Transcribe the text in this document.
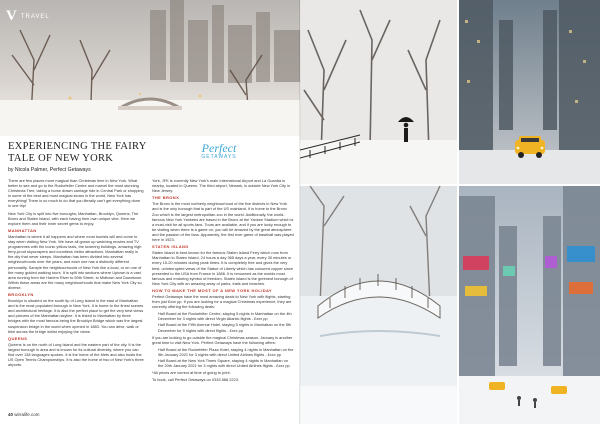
V TRAVEL
EXPERIENCING THE FAIRY
TALE OF NEW YORK
by Nicola Palmer, Perfect Getaways
Perfect
GETAWAYS

There are few places more magical than Christmas time in New York. What better to see and go to the Rockefeller Centre and marvel the most stunning Christmas Tree, taking a horse drawn carriage ride in Central Park or shopping in some of the best and most magical stores in the world, New York has everything! There is so much to do that you literally can't get everything done in one trip!

New York City is split into five boroughs; Manhattan, Brooklyn, Queens, The Bronx and Staten Island, with each having their own unique vibe. Here we explore them and their inner secret gems to enjoy.

MANHATTAN

Manhattan is where it all happens and where most tourists will and come to stay when visiting New York. We have all grown up watching movies and TV programmes with the iconic yellow taxis, the towering buildings, amazing high ferry-proof skyscrapers and countless visitor attractions. Manhattan really is the city that never sleeps. Manhattan has been divided into several neighbourhoods over the years, and each one has a distinctly different personality. Sample the neighbourhoods of New York like a local, or on one of the many guided walking tours. It is split into sections where Uptown is a vast area running from the Harlem River to 59th Street, to Midtown and Downtown. Within these areas are the many neighbourhoods that make New York City so diverse.

BROOKLYN

Brooklyn is situated on the south tip of Long Island in the east of Manhattan and is the most populated borough in New York. It is home to the finest scenes and architectural heritage. It is also the perfect place to get the very best views and pictures of the Manhattan skyline. It is linked to Manhattan by three bridges with the most famous being the Brooklyn Bridge which was the largest suspension bridge in the world when opened in 1883. You can drive, walk or bike across the bridge whilst enjoying the views.

QUEENS

Queens is on the north of Long Island and the eastern part of the city. It is the largest borough in area and is known for its cultural diversity, where you can find over 138 languages spoken. It is the home of the Mets and also hosts the US Open Tennis Championships. It is also the home of two of New York's three airports.

York, JFK is currently New York's main International Airport and La Guardia is nearby, located in Queens. The third airport, Newark, is outside New York City in New Jersey.

THE BRONX

The Bronx is the most northerly neighbourhood of the five districts in New York and is the only borough that is part of the US mainland. It is home to the Bronx Zoo which is the largest metropolitan zoo in the world. Additionally, the world-famous New York Yankees are based in the Bronx at the Yankee Stadium which is a must-visit for all sports fans. Tours are available, and if you are lucky enough to be visiting when there is a game on, you will be amazed by the great atmosphere and the passion of the fans. Apparently, the first ever game of baseball was played here in 1923.

STATEN ISLAND

Staten Island is best known for the famous Staten Island Ferry which runs from Manhattan to Staten Island, 24 hours a day 365 days a year, every 30 minutes or every 15-20 minutes during peak times. It is completely free and gives the very best, uninterrupted views of the Statue of Liberty which has coloured copper since presented to the USA from France in 1886. It is renowned as the worlds most famous and enduring symbol of freedom. Staten Island is the greenest borough of New York City with an amazing array of parks, trails and beaches.

HOW TO MAKE THE MOST OF A NEW YORK HOLIDAY

Perfect Getaways have the most amazing deals to New York with flights, starting from just £xxx pp. If you are looking for a magical Christmas experience, they are currently offering the following deals:

• Half Board at the Rockefeller Centre, staying 5 nights in Manhattan on the 4th December for 3 nights with direct Virgin Atlantic flights - £xxx pp
• Half Board at the Fifth Avenue Hotel, staying 5 nights in Manhattan on the 5th December for 5 nights with direct flights - £xxx pp

If you are looking to go outside the magical Christmas season, January is another great time to visit New York. Perfect Getaways have the following offers:

• Half Board at the Rockefeller Plaza Hotel, staying 4 nights in Manhattan on the 9th January 2021 for 3 nights with direct United Airlines flights - £xxx pp
• Half Board at the New York Times Square, staying 4 nights in Manhattan on the 20th January 2021 for 3 nights with direct United Airlines flights - £xxx pp

*All prices are correct at time of going to print.

To book, call Perfect Getaways on 0333 888 2223.

40 wirralife.com
